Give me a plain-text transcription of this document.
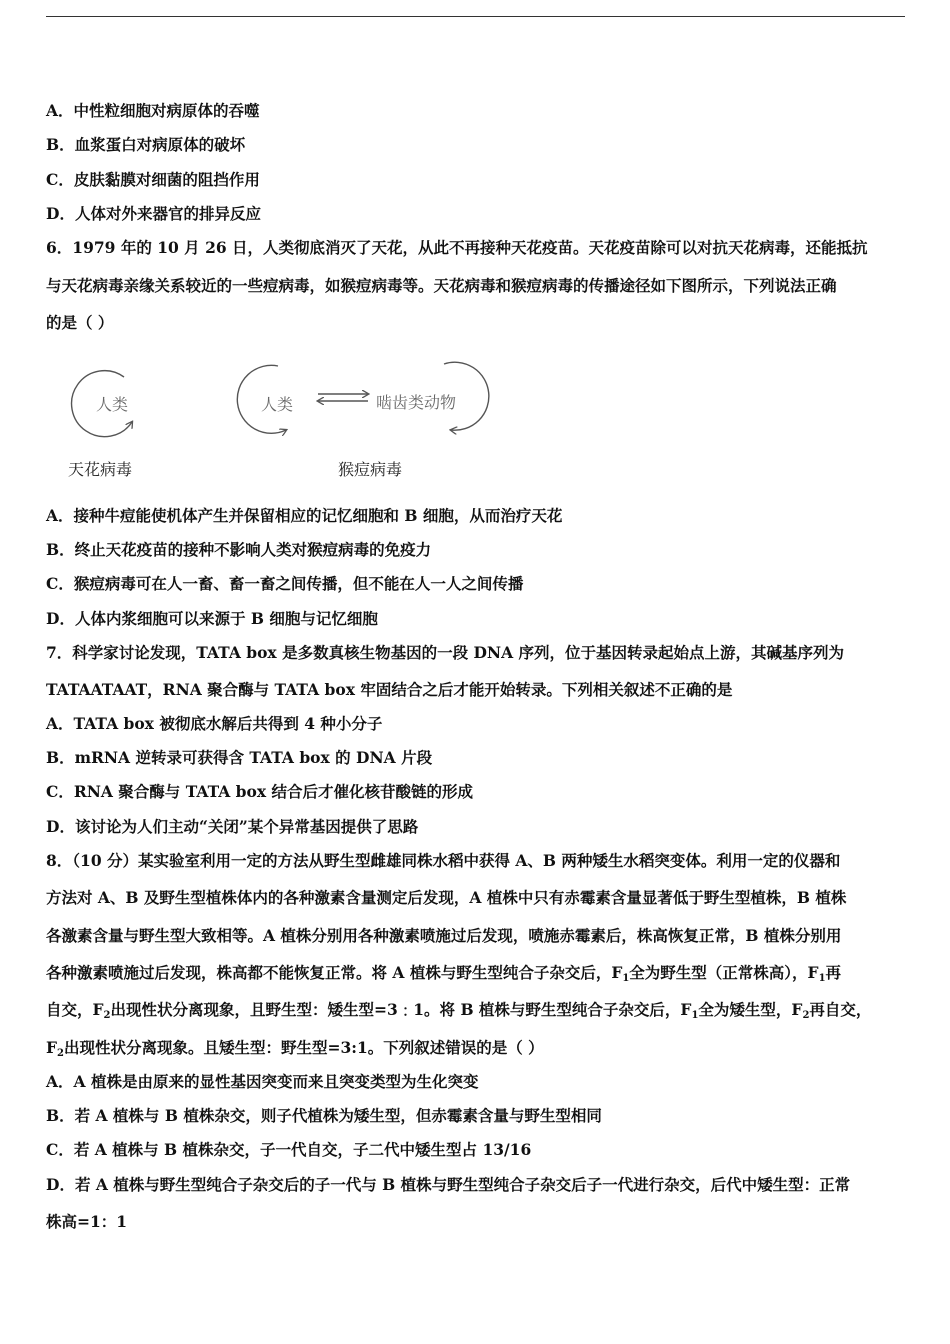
A．中性粒细胞对病原体的吞噬
B．血浆蛋白对病原体的破坏
C．皮肤黏膜对细菌的阻挡作用
D．人体对外来器官的排异反应
6．1979 年的 10 月 26 日，人类彻底消灭了天花，从此不再接种天花疫苗。天花疫苗除可以对抗天花病毒，还能抵抗
与天花病毒亲缘关系较近的一些痘病毒，如猴痘病毒等。天花病毒和猴痘病毒的传播途径如下图所示，下列说法正确
的是（ ）
人类	人类	啮齿类动物
天花病毒	猴痘病毒
A．接种牛痘能使机体产生并保留相应的记忆细胞和 B 细胞，从而治疗天花
B．终止天花疫苗的接种不影响人类对猴痘病毒的免疫力
C．猴痘病毒可在人一畜、畜一畜之间传播，但不能在人一人之间传播
D．人体内浆细胞可以来源于 B 细胞与记忆细胞
7．科学家讨论发现，TATA box 是多数真核生物基因的一段 DNA 序列，位于基因转录起始点上游，其碱基序列为
TATAATAAT，RNA 聚合酶与 TATA box 牢固结合之后才能开始转录。下列相关叙述不正确的是
A．TATA box 被彻底水解后共得到 4 种小分子
B．mRNA 逆转录可获得含 TATA box 的 DNA 片段
C．RNA 聚合酶与 TATA box 结合后才催化核苷酸链的形成
D．该讨论为人们主动“关闭”某个异常基因提供了思路
8．（10 分）某实验室利用一定的方法从野生型雌雄同株水稻中获得 A、B 两种矮生水稻突变体。利用一定的仪器和
方法对 A、B 及野生型植株体内的各种激素含量测定后发现，A 植株中只有赤霉素含量显著低于野生型植株，B 植株
各激素含量与野生型大致相等。A 植株分别用各种激素喷施过后发现，喷施赤霉素后，株高恢复正常，B 植株分别用
各种激素喷施过后发现，株高都不能恢复正常。将 A 植株与野生型纯合子杂交后，$F_1$全为野生型（正常株高），$F_1$再
自交，$F_2$出现性状分离现象，且野生型：矮生型=3﹕1。将 B 植株与野生型纯合子杂交后，$F_1$全为矮生型，$F_2$再自交，
$F_2$出现性状分离现象。且矮生型：野生型=3:1。下列叙述错误的是（ ）
A．A 植株是由原来的显性基因突变而来且突变类型为生化突变
B．若 A 植株与 B 植株杂交，则子代植株为矮生型，但赤霉素含量与野生型相同
C．若 A 植株与 B 植株杂交，子一代自交，子二代中矮生型占 13/16
D．若 A 植株与野生型纯合子杂交后的子一代与 B 植株与野生型纯合子杂交后子一代进行杂交，后代中矮生型：正常
株高=1：1
